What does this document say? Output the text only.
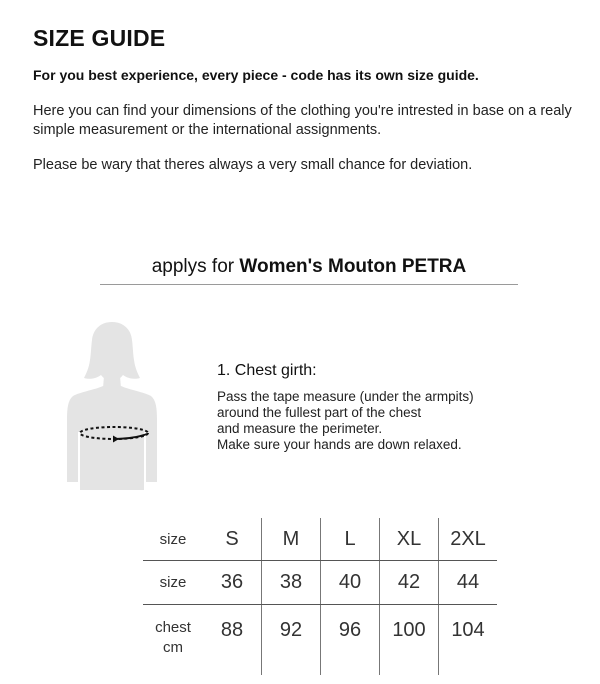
SIZE GUIDE
For you best experience, every piece - code has its own size guide.
Here you can find your dimensions of the clothing you're intrested in base on a realy simple measurement or the international assignments.
Please be wary that theres always a very small chance for deviation.
applys for Women's Mouton PETRA
1. Chest girth:
Pass the tape measure (under the armpits)
around the fullest part of the chest
and measure the perimeter.
Make sure your hands are down relaxed.
size	S	M	L	XL	2XL
size	36	38	40	42	44

chest
cm	88	92	96	100	104
